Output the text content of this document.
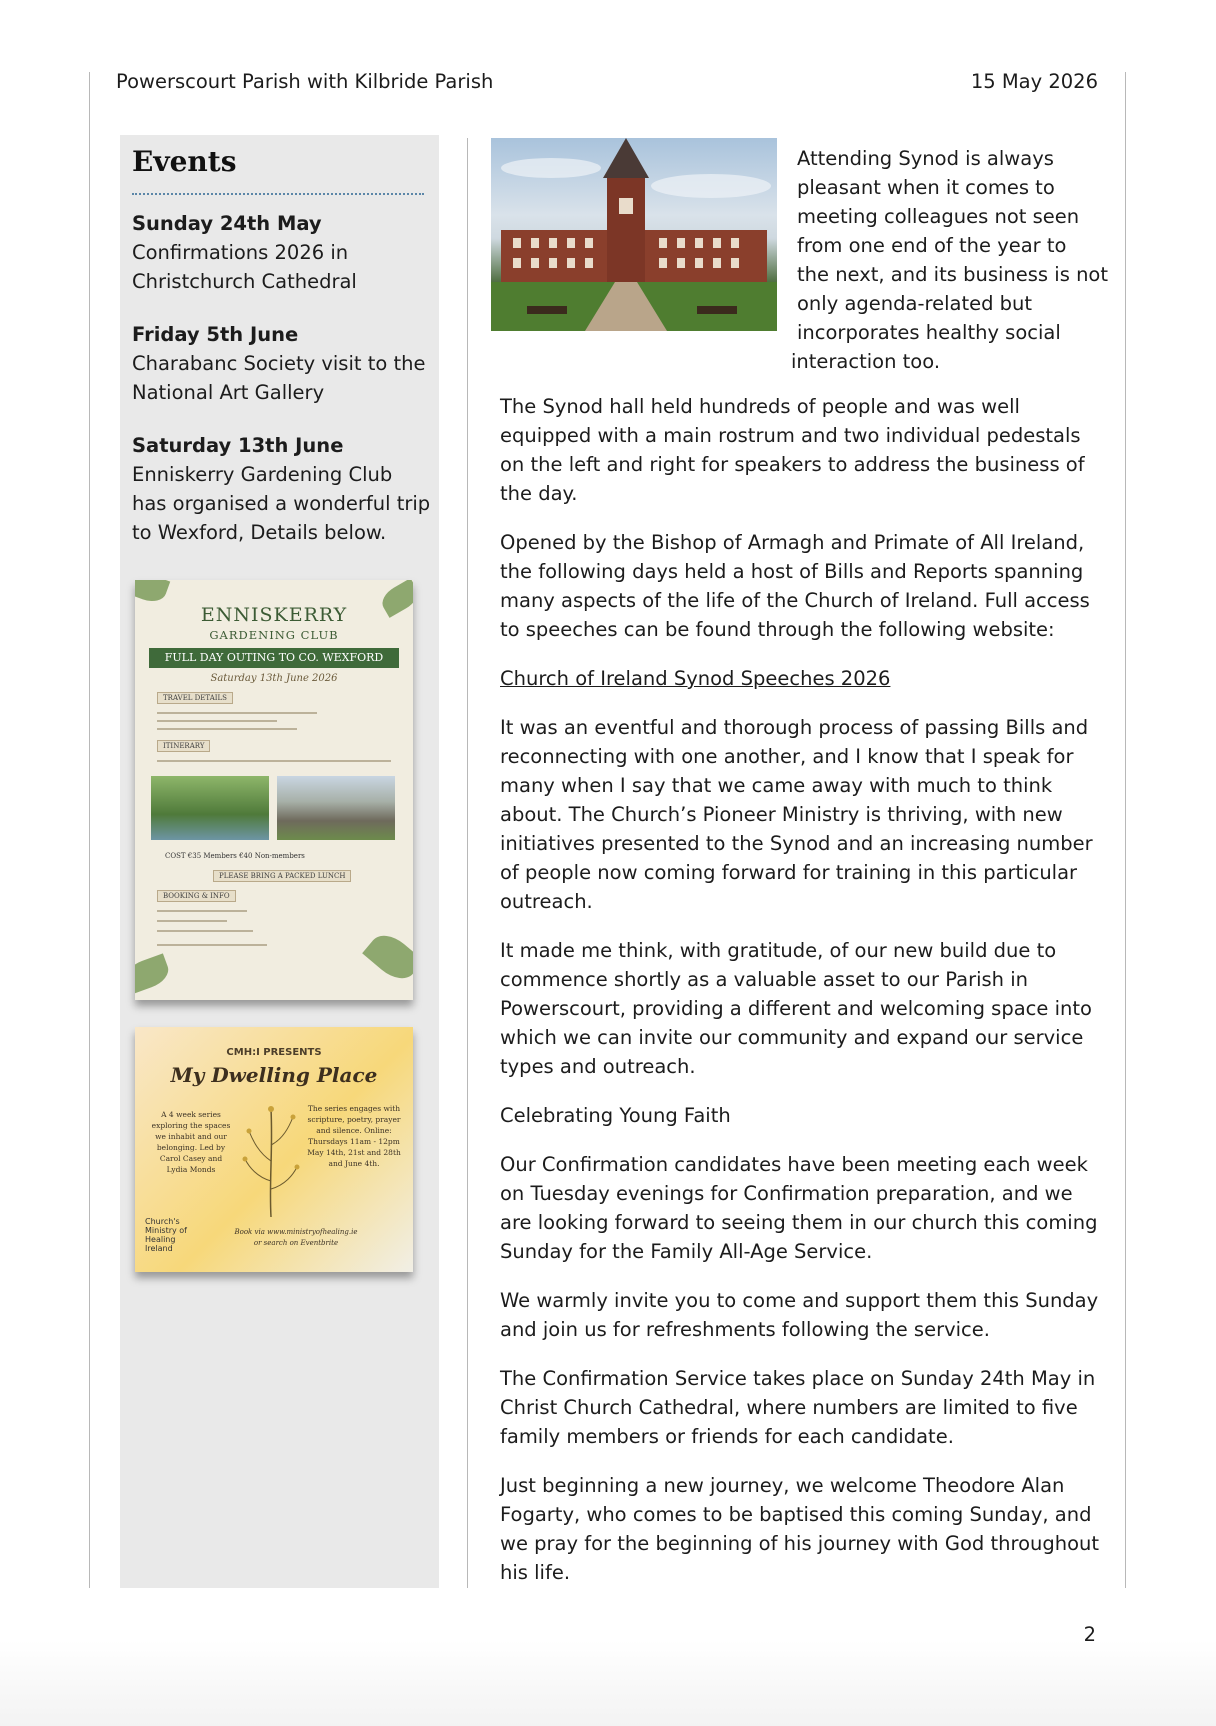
Powerscourt Parish with Kilbride Parish	15 May 2026
Events
Sunday 24th May
Confirmations 2026 in Christchurch Cathedral
Friday 5th June
Charabanc Society visit to the National Art Gallery
Saturday 13th June
Enniskerry Gardening Club has organised a wonderful trip to Wexford, Details below.
ENNISKERRY
GARDENING CLUB
FULL DAY OUTING TO CO. WEXFORD
Saturday 13th June 2026
TRAVEL DETAILS
ITINERARY
COST €35 Members €40 Non-members
PLEASE BRING A PACKED LUNCH
BOOKING & INFO
CMH:I PRESENTS
My Dwelling Place
A 4 week series exploring the spaces we inhabit and our belonging. Led by Carol Casey and Lydia Monds
The series engages with scripture, poetry, prayer and silence. Online: Thursdays 11am - 12pm May 14th, 21st and 28th and June 4th.
Church's Ministry of Healing Ireland
Book via www.ministryofhealing.ie or search on Eventbrite
Attending Synod is always
pleasant when it comes to
meeting colleagues not seen
from one end of the year to
the next, and its business is not
only agenda-related but
incorporates healthy social
interaction too.

The Synod hall held hundreds of people and was well equipped with a main rostrum and two individual pedestals on the left and right for speakers to address the business of the day.

Opened by the Bishop of Armagh and Primate of All Ireland, the following days held a host of Bills and Reports spanning many aspects of the life of the Church of Ireland. Full access to speeches can be found through the following website:

Church of Ireland Synod Speeches 2026

It was an eventful and thorough process of passing Bills and reconnecting with one another, and I know that I speak for many when I say that we came away with much to think about. The Church’s Pioneer Ministry is thriving, with new initiatives presented to the Synod and an increasing number of people now coming forward for training in this particular outreach.

It made me think, with gratitude, of our new build due to commence shortly as a valuable asset to our Parish in Powerscourt, providing a different and welcoming space into which we can invite our community and expand our service types and outreach.

Celebrating Young Faith

Our Confirmation candidates have been meeting each week on Tuesday evenings for Confirmation preparation, and we are looking forward to seeing them in our church this coming Sunday for the Family All-Age Service.

We warmly invite you to come and support them this Sunday and join us for refreshments following the service.

The Confirmation Service takes place on Sunday 24th May in Christ Church Cathedral, where numbers are limited to five family members or friends for each candidate.

Just beginning a new journey, we welcome Theodore Alan Fogarty, who comes to be baptised this coming Sunday, and we pray for the beginning of his journey with God throughout his life.

2
